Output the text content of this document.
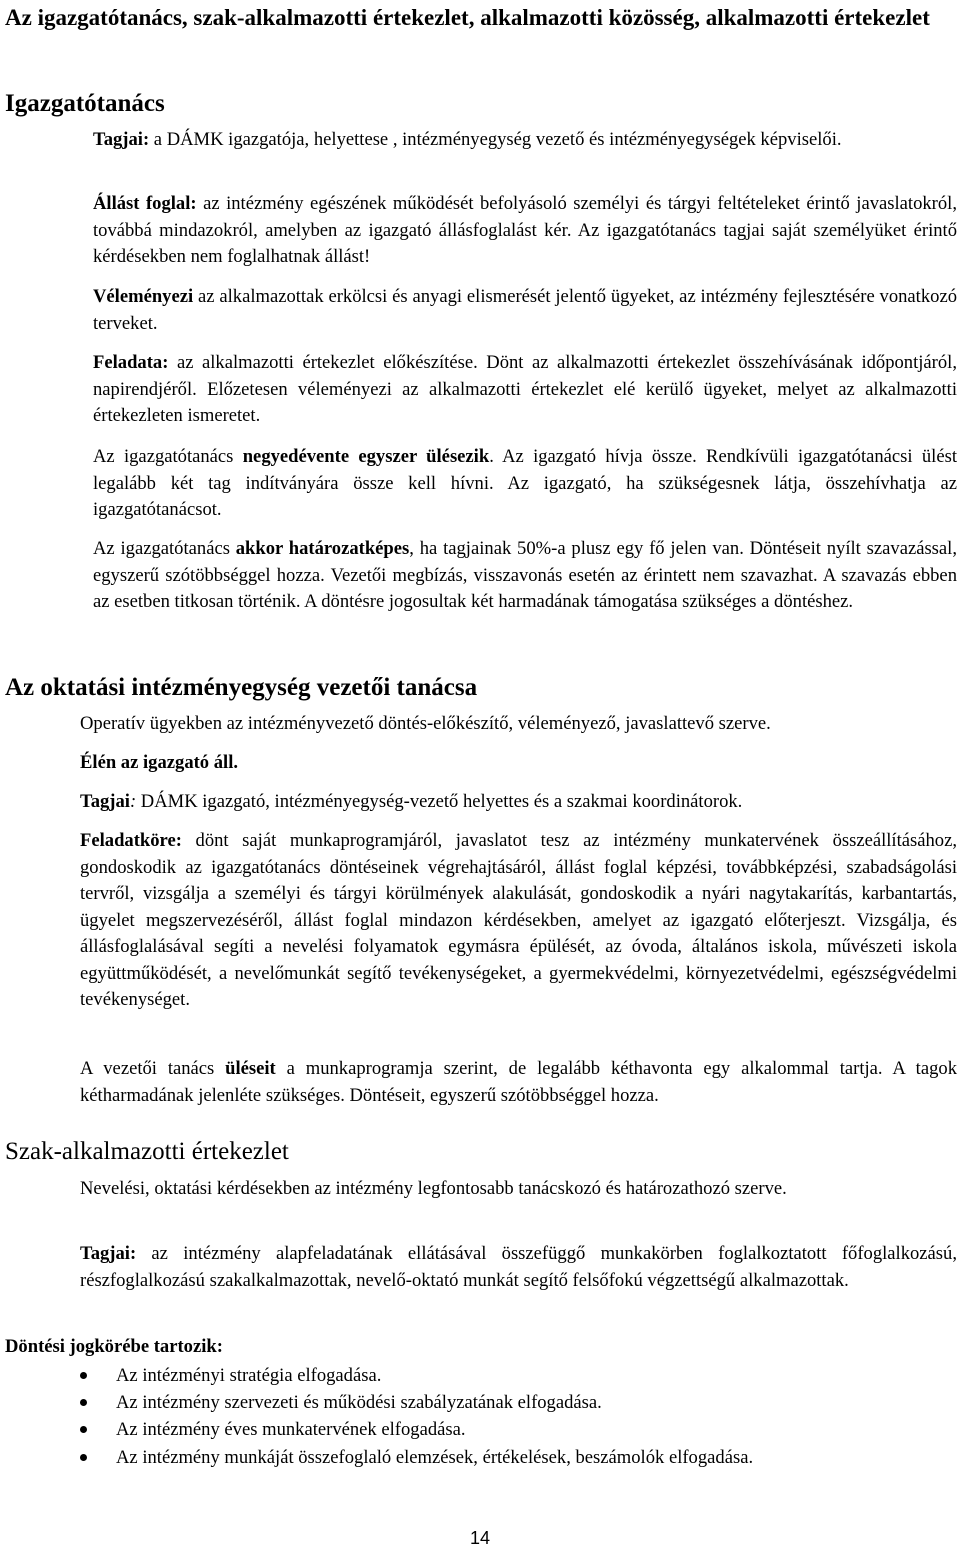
Az igazgatótanács, szak-alkalmazotti értekezlet, alkalmazotti közösség, alkalmazotti értekezlet
Igazgatótanács

Tagjai: a DÁMK igazgatója, helyettese , intézményegység vezető és intézményegységek képviselői.

Állást foglal: az intézmény egészének működését befolyásoló személyi és tárgyi feltételeket érintő javaslatokról, továbbá mindazokról, amelyben az igazgató állásfoglalást kér. Az igazgatótanács tagjai saját személyüket érintő kérdésekben nem foglalhatnak állást!

Véleményezi az alkalmazottak erkölcsi és anyagi elismerését jelentő ügyeket, az intézmény fejlesztésére vonatkozó terveket.

Feladata: az alkalmazotti értekezlet előkészítése. Dönt az alkalmazotti értekezlet összehívásának időpontjáról, napirendjéről. Előzetesen véleményezi az alkalmazotti értekezlet elé kerülő ügyeket, melyet az alkalmazotti értekezleten ismeretet.

Az igazgatótanács negyedévente egyszer ülésezik. Az igazgató hívja össze. Rendkívüli igazgatótanácsi ülést legalább két tag indítványára össze kell hívni. Az igazgató, ha szükségesnek látja, összehívhatja az igazgatótanácsot.

Az igazgatótanács akkor határozatképes, ha tagjainak 50%-a plusz egy fő jelen van. Döntéseit nyílt szavazással, egyszerű szótöbbséggel hozza. Vezetői megbízás, visszavonás esetén az érintett nem szavazhat. A szavazás ebben az esetben titkosan történik. A döntésre jogosultak két harmadának támogatása szükséges a döntéshez.

Az oktatási intézményegység vezetői tanácsa

Operatív ügyekben az intézményvezető döntés-előkészítő, véleményező, javaslattevő szerve.

Élén az igazgató áll.

Tagjai: DÁMK igazgató, intézményegység-vezető helyettes és a szakmai koordinátorok.

Feladatköre: dönt saját munkaprogramjáról, javaslatot tesz az intézmény munkatervének összeállításához, gondoskodik az igazgatótanács döntéseinek végrehajtásáról, állást foglal képzési, továbbképzési, szabadságolási tervről, vizsgálja a személyi és tárgyi körülmények alakulását, gondoskodik a nyári nagytakarítás, karbantartás, ügyelet megszervezéséről, állást foglal mindazon kérdésekben, amelyet az igazgató előterjeszt. Vizsgálja, és állásfoglalásával segíti a nevelési folyamatok egymásra épülését, az óvoda, általános iskola, művészeti iskola együttműködését, a nevelőmunkát segítő tevékenységeket, a gyermekvédelmi, környezetvédelmi, egészségvédelmi tevékenységet.

A vezetői tanács üléseit a munkaprogramja szerint, de legalább kéthavonta egy alkalommal tartja. A tagok kétharmadának jelenléte szükséges. Döntéseit, egyszerű szótöbbséggel hozza.

Szak-alkalmazotti értekezlet

Nevelési, oktatási kérdésekben az intézmény legfontosabb tanácskozó és határozathozó szerve.

Tagjai: az intézmény alapfeladatának ellátásával összefüggő munkakörben foglalkoztatott főfoglalkozású, részfoglalkozású szakalkalmazottak, nevelő-oktató munkát segítő felsőfokú végzettségű alkalmazottak.

Döntési jogkörébe tartozik:
Az intézményi stratégia elfogadása.
Az intézmény szervezeti és működési szabályzatának elfogadása.
Az intézmény éves munkatervének elfogadása.
Az intézmény munkáját összefoglaló elemzések, értékelések, beszámolók elfogadása.
14
